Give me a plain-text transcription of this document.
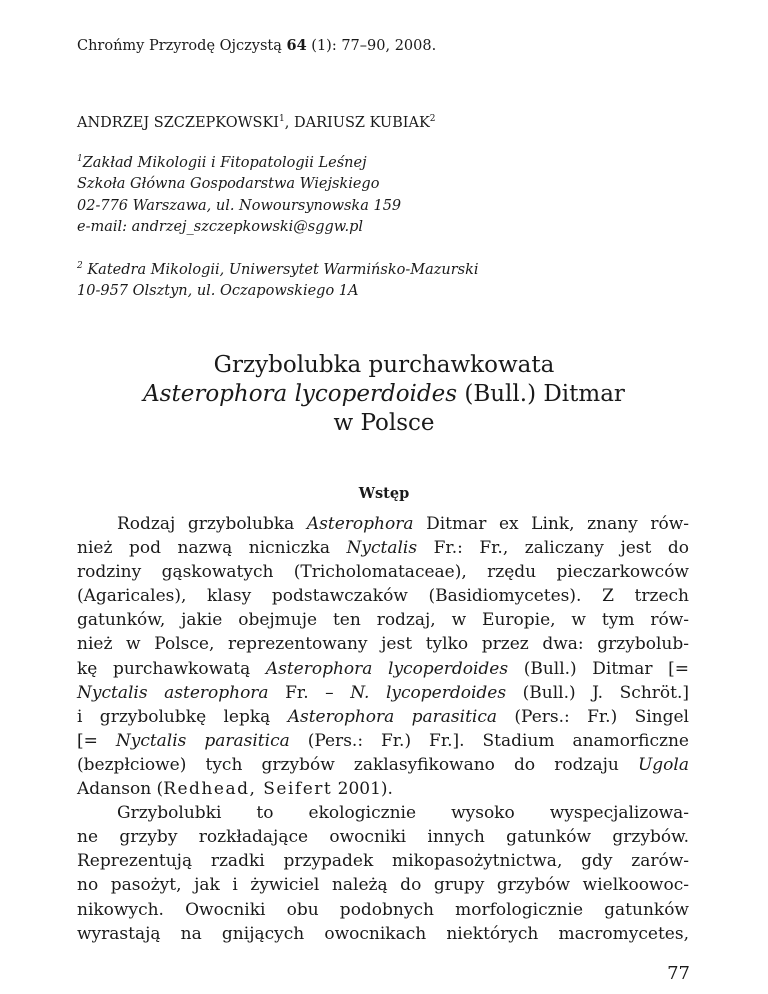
Chrońmy Przyrodę Ojczystą 64 (1): 77–90, 2008.
ANDRZEJ SZCZEPKOWSKI$^1$, DARIUSZ KUBIAK$^2$
$^1$Zakład Mikologii i Fitopatologii Leśnej
Szkoła Główna Gospodarstwa Wiejskiego
02-776 Warszawa, ul. Nowoursynowska 159
e-mail: andrzej_szczepkowski@sggw.pl
$^2$ Katedra Mikologii, Uniwersytet Warmińsko-Mazurski
10-957 Olsztyn, ul. Oczapowskiego 1A
Grzybolubka purchawkowata
Asterophora lycoperdoides (Bull.) Ditmar
w Polsce
Wstęp
Rodzaj grzybolubka Asterophora Ditmar ex Link, znany rów-
nież pod nazwą nicniczka Nyctalis Fr.: Fr., zaliczany jest do
rodziny gąskowatych (Tricholomataceae), rzędu pieczarkowców
(Agaricales), klasy podstawczaków (Basidiomycetes). Z trzech
gatunków, jakie obejmuje ten rodzaj, w Europie, w tym rów-
nież w Polsce, reprezentowany jest tylko przez dwa: grzybolub-
kę purchawkowatą Asterophora lycoperdoides (Bull.) Ditmar [=
Nyctalis asterophora Fr. – N. lycoperdoides (Bull.) J. Schröt.]
i grzybolubkę lepką Asterophora parasitica (Pers.: Fr.) Singel
[= Nyctalis parasitica (Pers.: Fr.) Fr.]. Stadium anamorficzne
(bezpłciowe) tych grzybów zaklasyfikowano do rodzaju Ugola
Adanson (Redhead, Seifert 2001).
Grzybolubki to ekologicznie wysoko wyspecjalizowa-
ne grzyby rozkładające owocniki innych gatunków grzybów.
Reprezentują rzadki przypadek mikopasożytnictwa, gdy zarów-
no pasożyt, jak i żywiciel należą do grupy grzybów wielkoowoc-
nikowych. Owocniki obu podobnych morfologicznie gatunków
wyrastają na gnijących owocnikach niektórych macromycetes,
77
